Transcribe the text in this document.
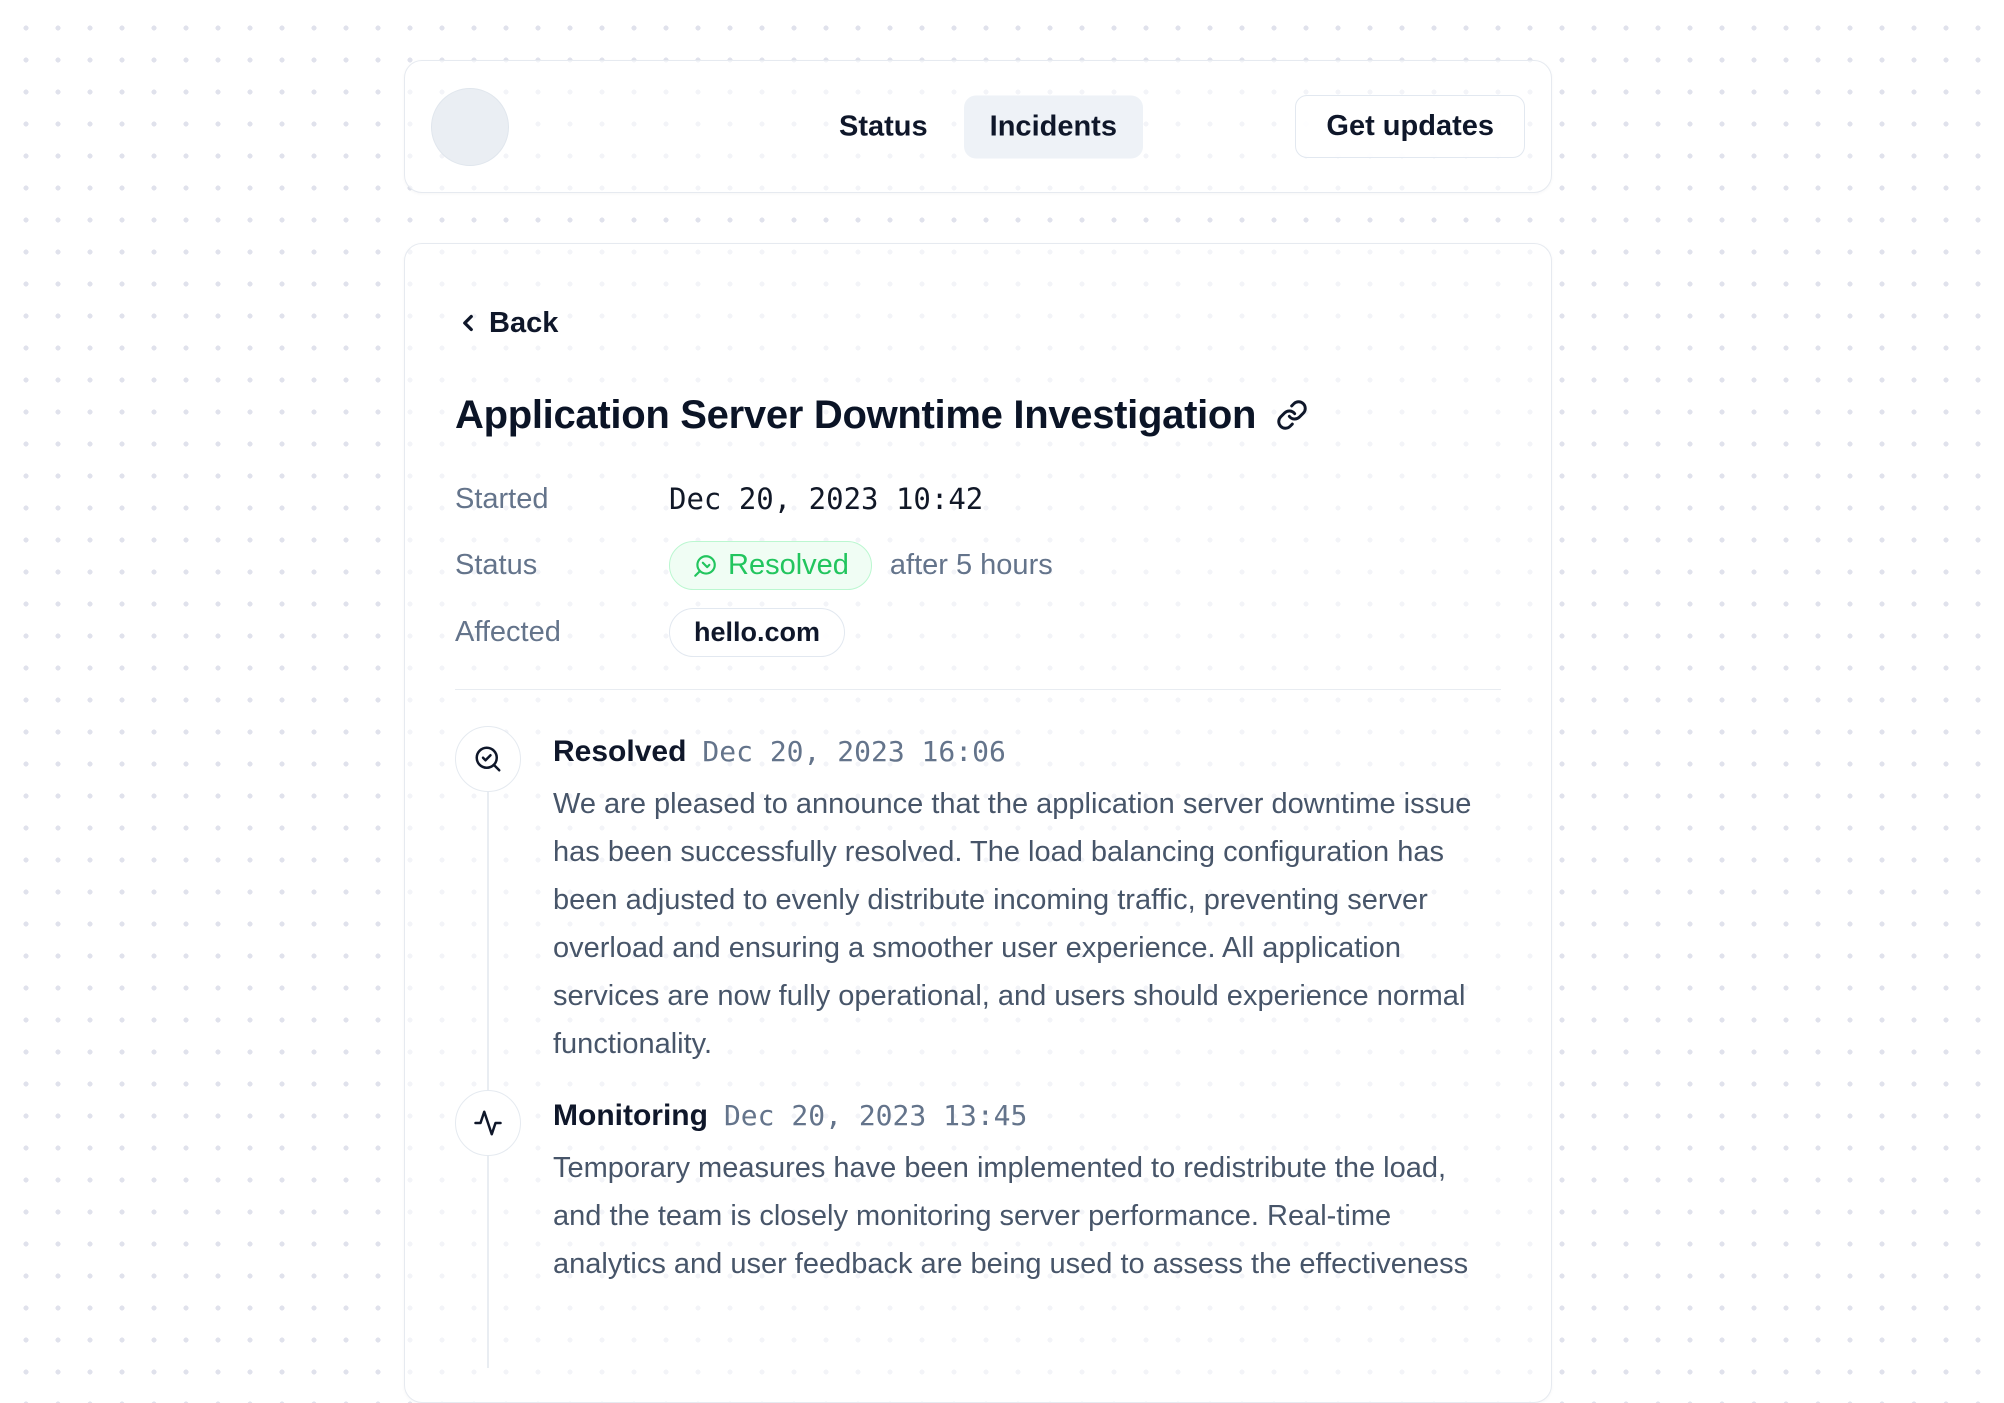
Status	Incidents	Get updates
Back
Application Server Downtime Investigation
Started	Dec 20, 2023 10:42
Status	Resolved after 5 hours
Affected	hello.com
Resolved Dec 20, 2023 16:06

We are pleased to announce that the application server downtime issue has been successfully resolved. The load balancing configuration has been adjusted to evenly distribute incoming traffic, preventing server overload and ensuring a smoother user experience. All application services are now fully operational, and users should experience normal functionality.

Monitoring Dec 20, 2023 13:45

Temporary measures have been implemented to redistribute the load, and the team is closely monitoring server performance. Real-time analytics and user feedback are being used to assess the effectiveness
